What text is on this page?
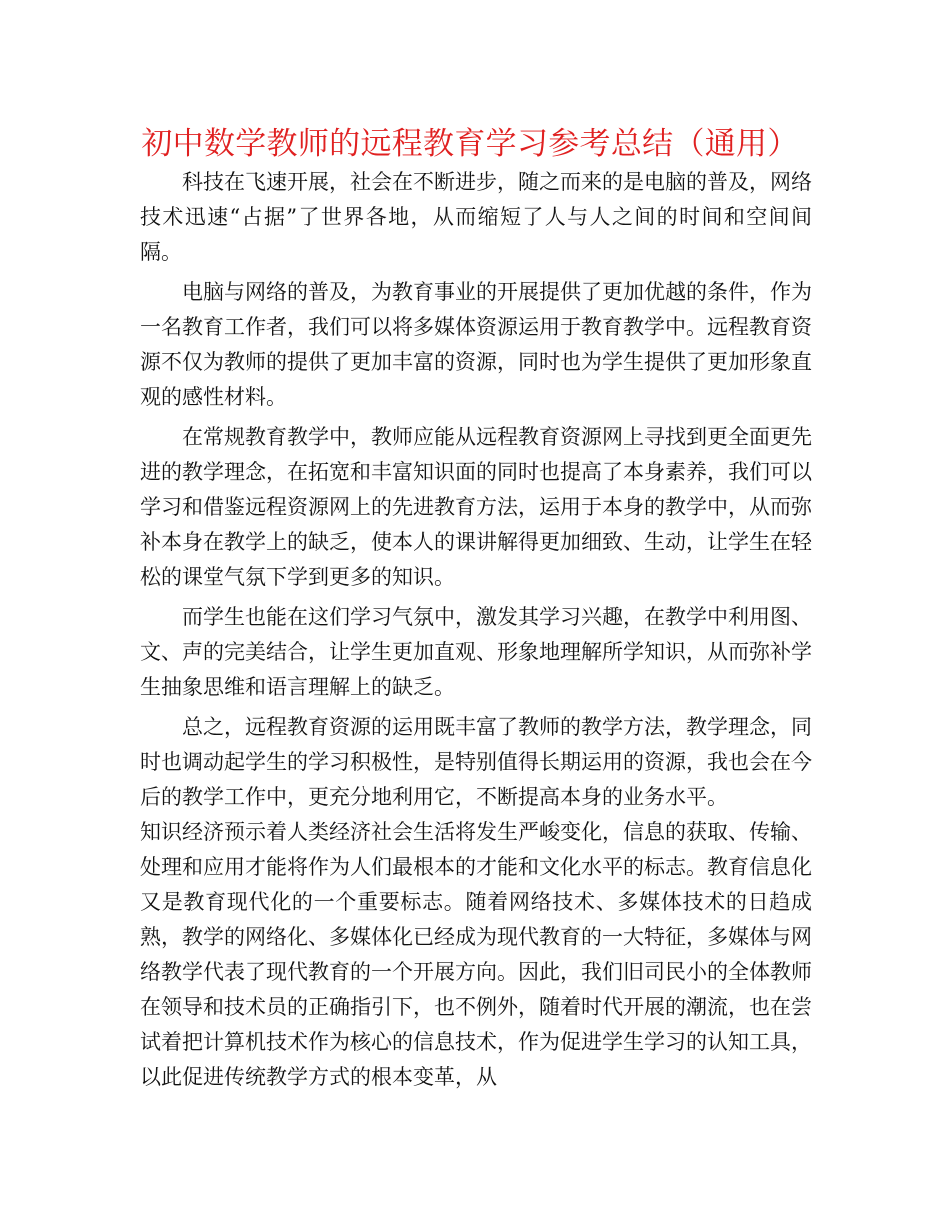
初中数学教师的远程教育学习参考总结（通用）

科技在飞速开展，社会在不断进步，随之而来的是电脑的普及，网络技术迅速“占据”了世界各地，从而缩短了人与人之间的时间和空间间隔。

电脑与网络的普及，为教育事业的开展提供了更加优越的条件，作为一名教育工作者，我们可以将多媒体资源运用于教育教学中。远程教育资源不仅为教师的提供了更加丰富的资源，同时也为学生提供了更加形象直观的感性材料。

在常规教育教学中，教师应能从远程教育资源网上寻找到更全面更先进的教学理念，在拓宽和丰富知识面的同时也提高了本身素养，我们可以学习和借鉴远程资源网上的先进教育方法，运用于本身的教学中，从而弥补本身在教学上的缺乏，使本人的课讲解得更加细致、生动，让学生在轻松的课堂气氛下学到更多的知识。

而学生也能在这们学习气氛中，激发其学习兴趣，在教学中利用图、文、声的完美结合，让学生更加直观、形象地理解所学知识，从而弥补学生抽象思维和语言理解上的缺乏。

总之，远程教育资源的运用既丰富了教师的教学方法，教学理念，同时也调动起学生的学习积极性，是特别值得长期运用的资源，我也会在今后的教学工作中，更充分地利用它，不断提高本身的业务水平。

知识经济预示着人类经济社会生活将发生严峻变化，信息的获取、传输、处理和应用才能将作为人们最根本的才能和文化水平的标志。教育信息化又是教育现代化的一个重要标志。随着网络技术、多媒体技术的日趋成熟，教学的网络化、多媒体化已经成为现代教育的一大特征，多媒体与网络教学代表了现代教育的一个开展方向。因此，我们旧司民小的全体教师在领导和技术员的正确指引下，也不例外，随着时代开展的潮流，也在尝试着把计算机技术作为核心的信息技术，作为促进学生学习的认知工具，以此促进传统教学方式的根本变革，从
